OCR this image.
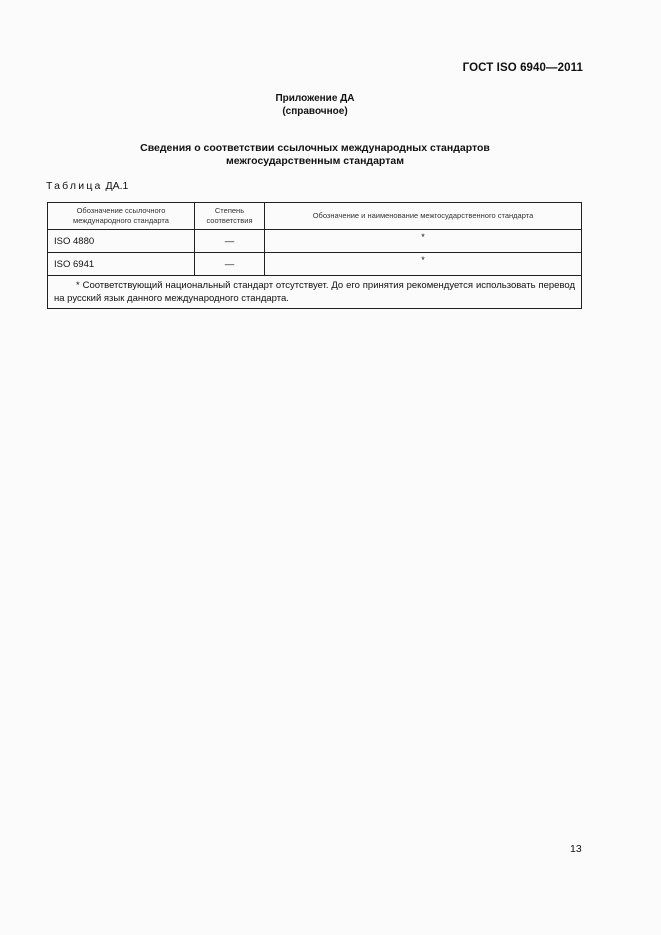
ГОСТ ISO 6940—2011
Приложение ДА
(справочное)
Сведения о соответствии ссылочных международных стандартов
межгосударственным стандартам
Таблица ДА.1
Обозначение ссылочного международного стандарта	Степень соответствия	Обозначение и наименование межгосударственного стандарта
ISO 4880	—	*
ISO 6941	—	*
* Соответствующий национальный стандарт отсутствует. До его принятия рекомендуется использовать перевод на русский язык данного международного стандарта.		
13
